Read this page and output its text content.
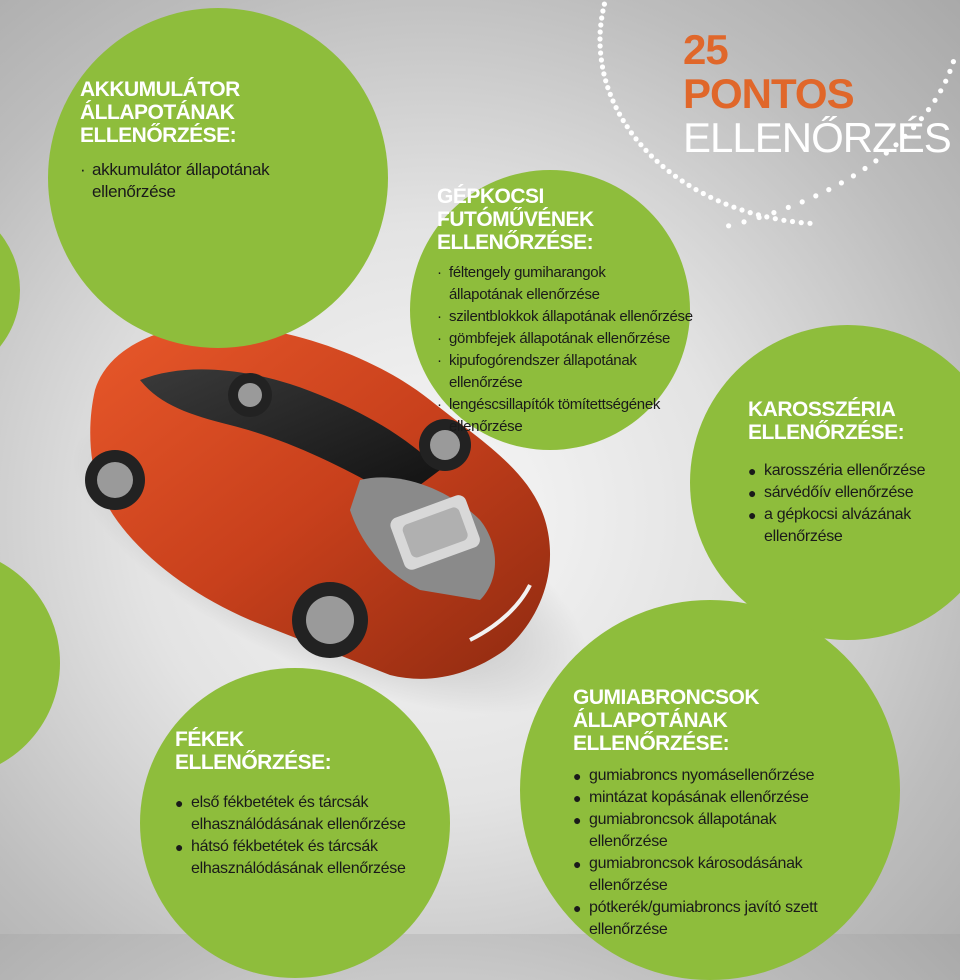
25
PONTOS
ELLENŐRZÉS
AKKUMULÁTOR
ÁLLAPOTÁNAK ELLENŐRZÉSE:
· akkumulátor állapotának ellenőrzése	GÉPKOCSI
FUTÓMŰVÉNEK
ELLENŐRZÉSE:
· féltengely gumiharangok állapotának ellenőrzése
· szilentblokkok állapotának ellenőrzése
· gömbfejek állapotának ellenőrzése
· kipufogórendszer állapotának ellenőrzése
· lengéscsillapítók tömítettségének ellenőrzése
KAROSSZÉRIA
ELLENŐRZÉSE:
● karosszéria ellenőrzése
● sárvédőív ellenőrzése
● a gépkocsi alvázának ellenőrzése
FÉKEK
ELLENŐRZÉSE:
● első fékbetétek és tárcsák elhasználódásának ellenőrzése
● hátsó fékbetétek és tárcsák elhasználódásának ellenőrzése
GUMIABRONCSOK
ÁLLAPOTÁNAK ELLENŐRZÉSE:
● gumiabroncs nyomásellenőrzése
● mintázat kopásának ellenőrzése
● gumiabroncsok állapotának ellenőrzése
● gumiabroncsok károsodásának ellenőrzése
● pótkerék/gumiabroncs javító szett ellenőrzése
